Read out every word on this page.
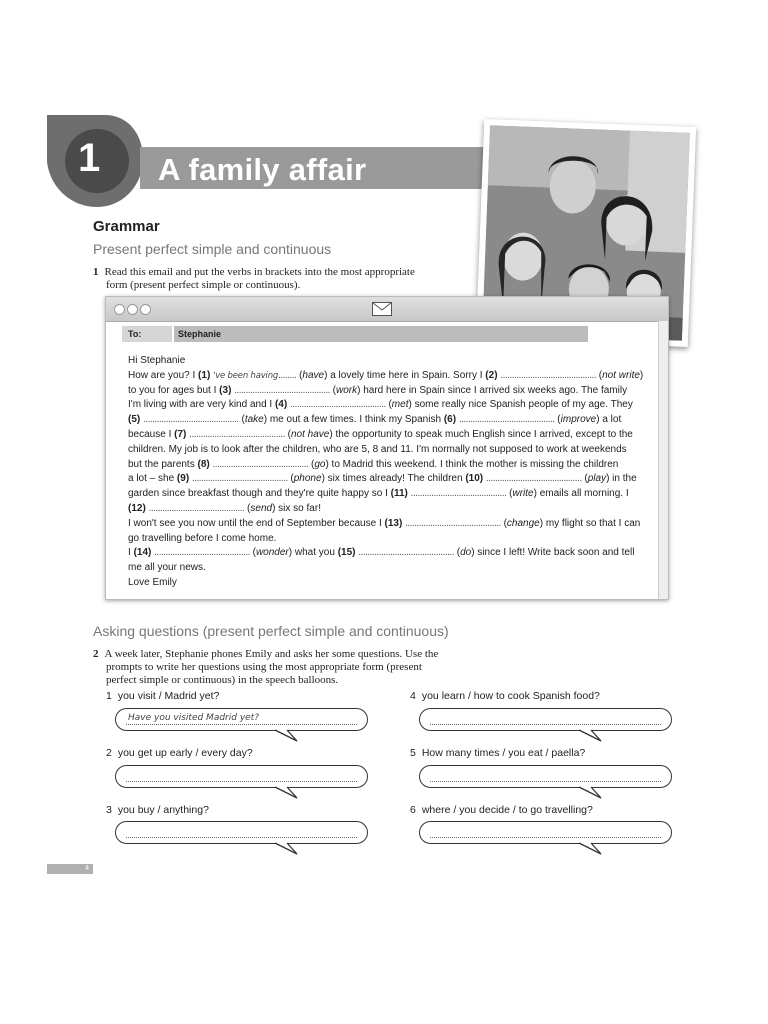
1 A family affair
Grammar
Present perfect simple and continuous
1 Read this email and put the verbs in brackets into the most appropriate
form (present perfect simple or continuous).
To:	Stephanie

Hi Stephanie

How are you? I (1) 've been having........ (have) a lovely time here in Spain. Sorry I (2) .......................................... (not write)

to you for ages but I (3) .......................................... (work) hard here in Spain since I arrived six weeks ago. The family

I'm living with are very kind and I (4) .......................................... (met) some really nice Spanish people of my age. They

(5) .......................................... (take) me out a few times. I think my Spanish (6) .......................................... (improve) a lot

because I (7) .......................................... (not have) the opportunity to speak much English since I arrived, except to the

children. My job is to look after the children, who are 5, 8 and 11. I'm normally not supposed to work at weekends

but the parents (8) .......................................... (go) to Madrid this weekend. I think the mother is missing the children

a lot – she (9) .......................................... (phone) six times already! The children (10) .......................................... (play) in the

garden since breakfast though and they're quite happy so I (11) .......................................... (write) emails all morning. I

(12) .......................................... (send) six so far!

I won't see you now until the end of September because I (13) .......................................... (change) my flight so that I can

go travelling before I come home.

I (14) .......................................... (wonder) what you (15) .......................................... (do) since I left! Write back soon and tell

me all your news.

Love Emily

Asking questions (present perfect simple and continuous)
2 A week later, Stephanie phones Emily and asks her some questions. Use the
prompts to write her questions using the most appropriate form (present
perfect simple or continuous) in the speech balloons.
1 you visit / Madrid yet?
Have you visited Madrid yet?
2 you get up early / every day?
3 you buy / anything?
4 you learn / how to cook Spanish food?
5 How many times / you eat / paella?
6 where / you decide / to go travelling?
4
